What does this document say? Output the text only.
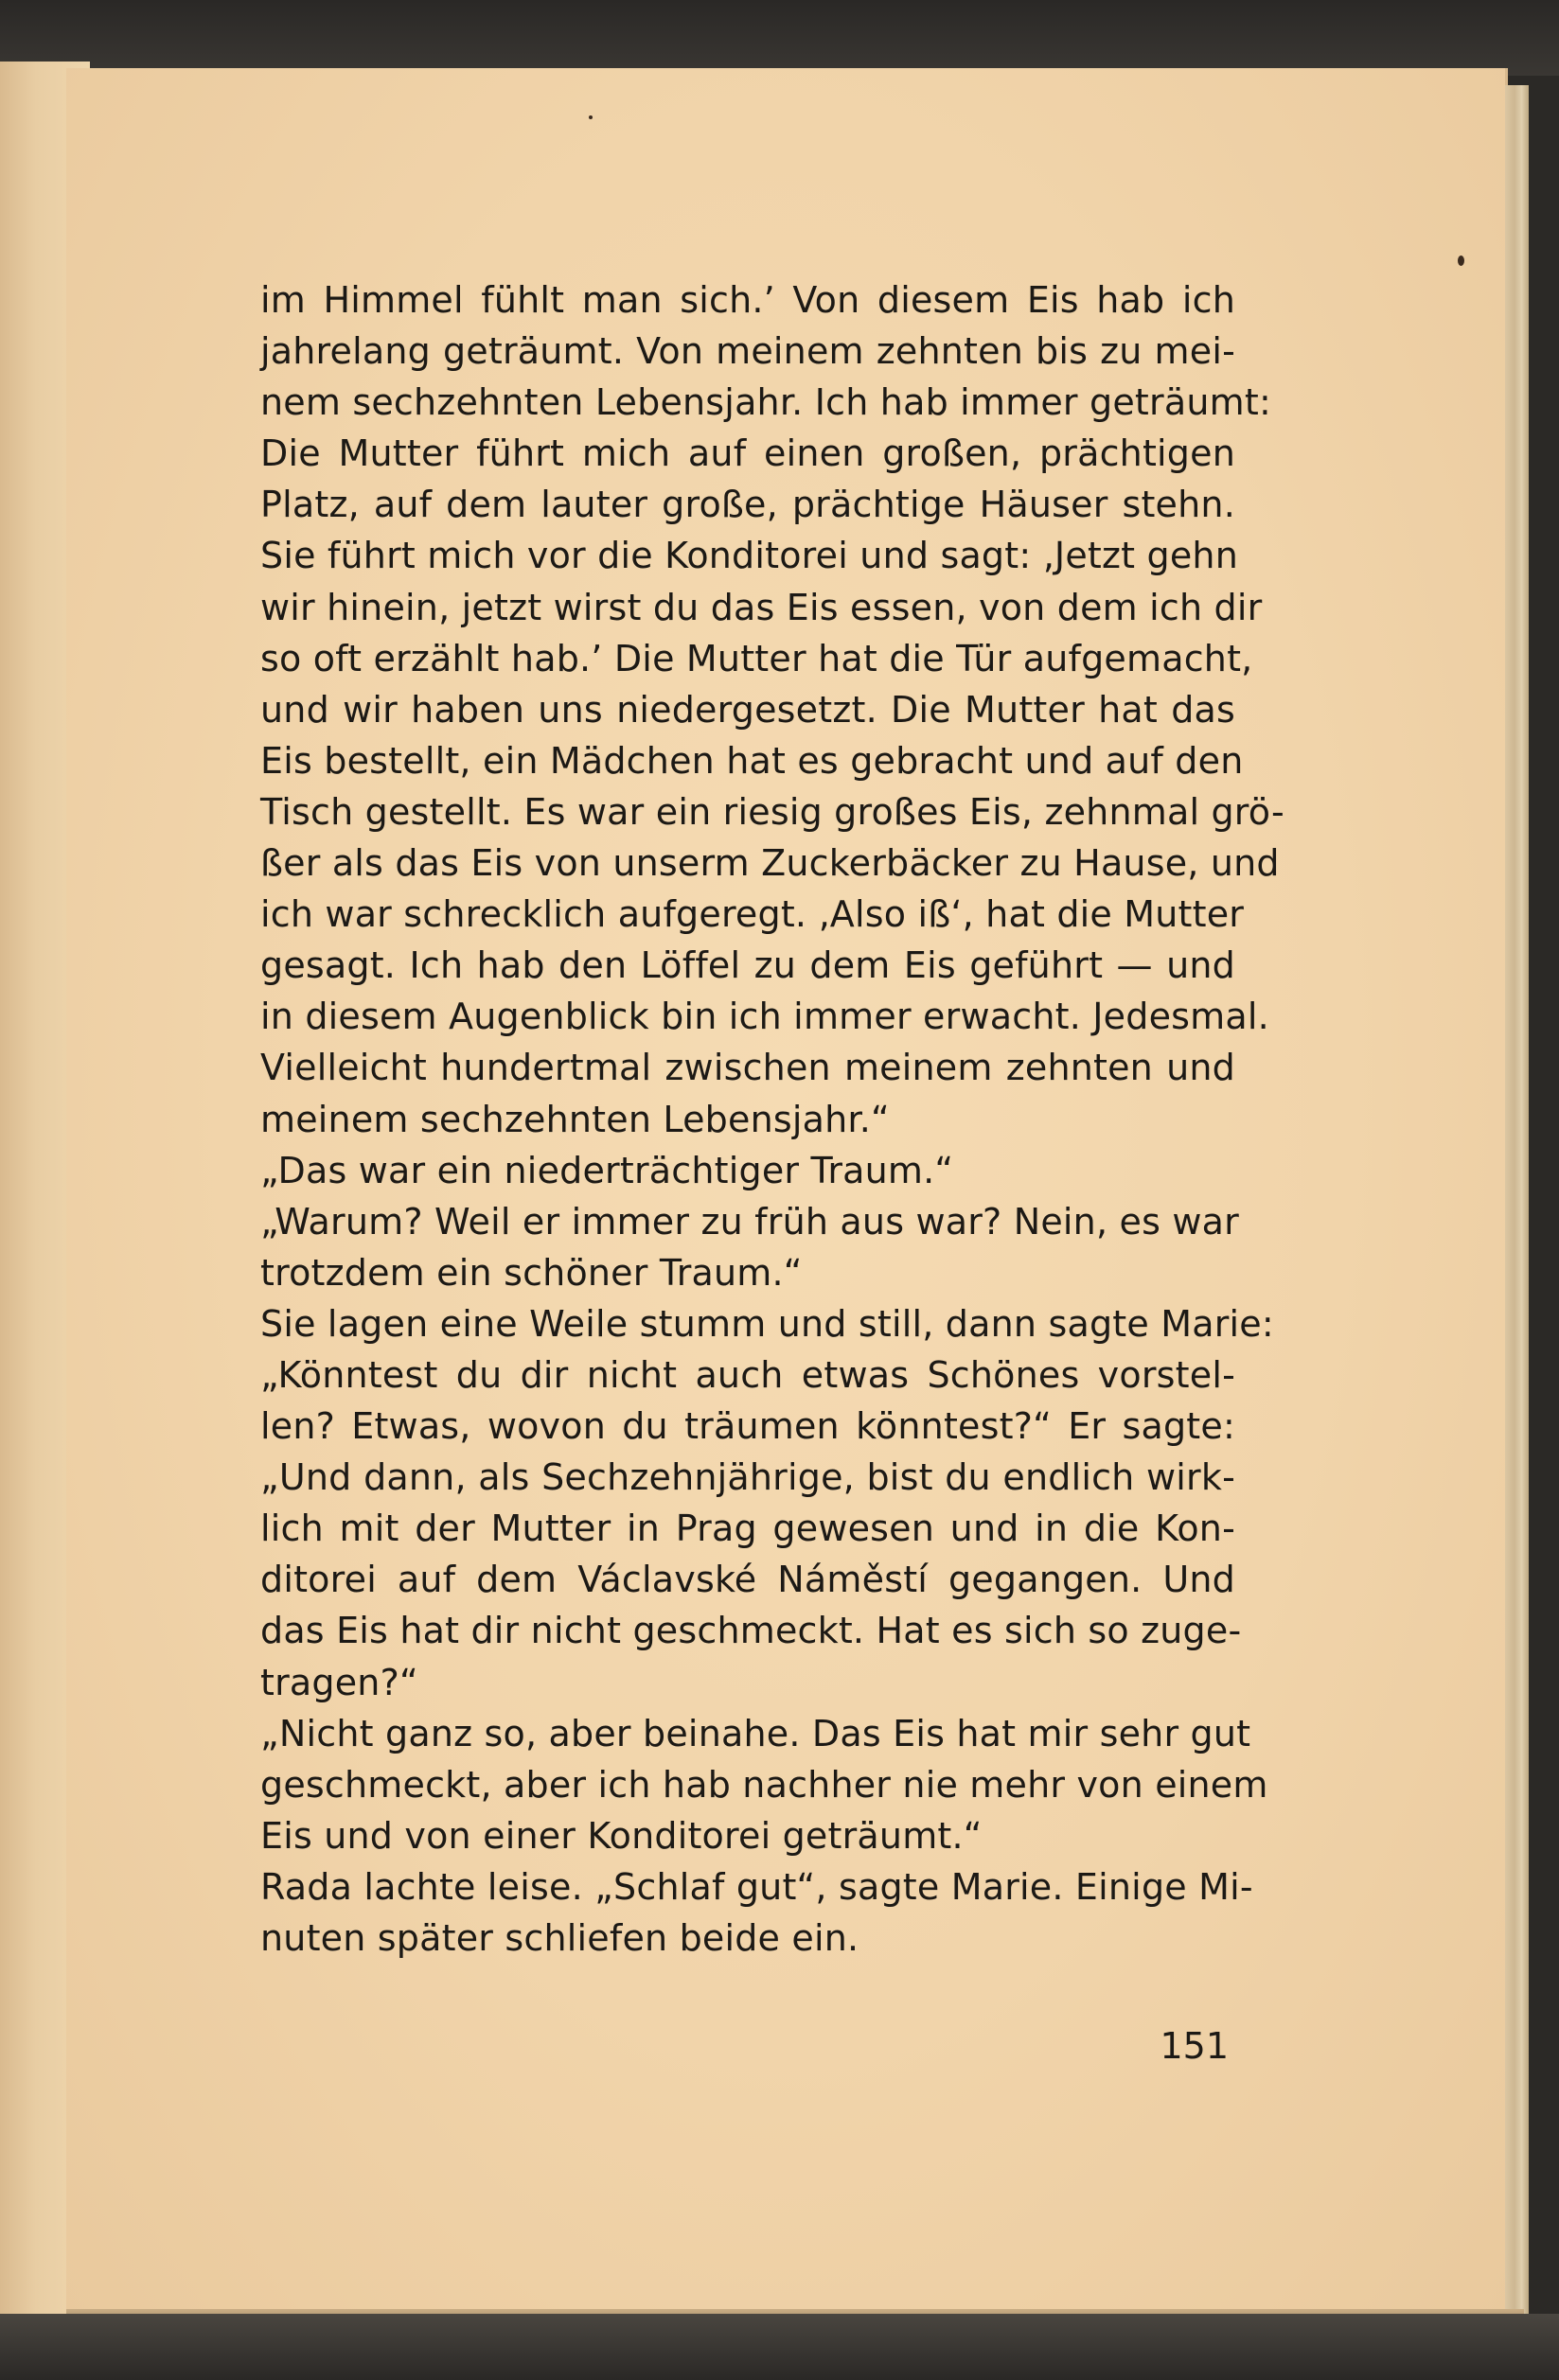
im Himmel fühlt man sich.’ Von diesem Eis hab ich
jahrelang geträumt. Von meinem zehnten bis zu mei-
nem sechzehnten Lebensjahr. Ich hab immer geträumt:
Die Mutter führt mich auf einen großen, prächtigen
Platz, auf dem lauter große, prächtige Häuser stehn.
Sie führt mich vor die Konditorei und sagt: ‚Jetzt gehn
wir hinein, jetzt wirst du das Eis essen, von dem ich dir
so oft erzählt hab.’ Die Mutter hat die Tür aufgemacht,
und wir haben uns niedergesetzt. Die Mutter hat das
Eis bestellt, ein Mädchen hat es gebracht und auf den
Tisch gestellt. Es war ein riesig großes Eis, zehnmal grö-
ßer als das Eis von unserm Zuckerbäcker zu Hause, und
ich war schrecklich aufgeregt. ‚Also iß‘, hat die Mutter
gesagt. Ich hab den Löffel zu dem Eis geführt — und
in diesem Augenblick bin ich immer erwacht. Jedesmal.
Vielleicht hundertmal zwischen meinem zehnten und
meinem sechzehnten Lebensjahr.“
„Das war ein niederträchtiger Traum.“
„Warum? Weil er immer zu früh aus war? Nein, es war
trotzdem ein schöner Traum.“
Sie lagen eine Weile stumm und still, dann sagte Marie:
„Könntest du dir nicht auch etwas Schönes vorstel-
len? Etwas, wovon du träumen könntest?“ Er sagte:
„Und dann, als Sechzehnjährige, bist du endlich wirk-
lich mit der Mutter in Prag gewesen und in die Kon-
ditorei auf dem Václavské Náměstí gegangen. Und
das Eis hat dir nicht geschmeckt. Hat es sich so zuge-
tragen?“
„Nicht ganz so, aber beinahe. Das Eis hat mir sehr gut
geschmeckt, aber ich hab nachher nie mehr von einem
Eis und von einer Konditorei geträumt.“
Rada lachte leise. „Schlaf gut“, sagte Marie. Einige Mi-
nuten später schliefen beide ein.
151
